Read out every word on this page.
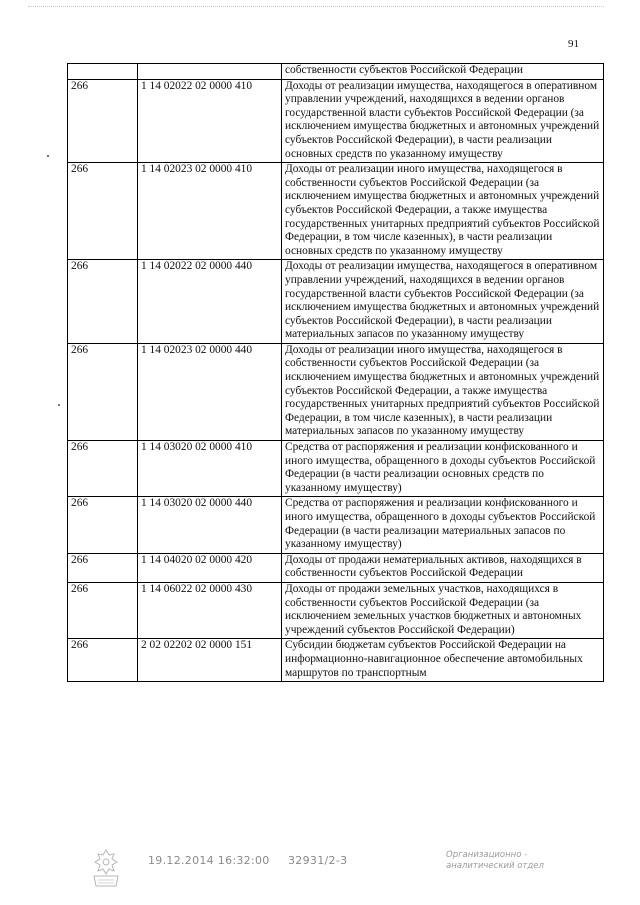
91
		собственности субъектов Российской Федерации
266	1 14 02022 02 0000 410	Доходы от реализации имущества, находящегося в оперативном управлении учреждений, находящихся в ведении органов государственной власти субъектов Российской Федерации (за исключением имущества бюджетных и автономных учреждений субъектов Российской Федерации), в части реализации основных средств по указанному имуществу
266	1 14 02023 02 0000 410	Доходы от реализации иного имущества, находящегося в собственности субъектов Российской Федерации (за исключением имущества бюджетных и автономных учреждений субъектов Российской Федерации, а также имущества государственных унитарных предприятий субъектов Российской Федерации, в том числе казенных), в части реализации основных средств по указанному имуществу
266	1 14 02022 02 0000 440	Доходы от реализации имущества, находящегося в оперативном управлении учреждений, находящихся в ведении органов государственной власти субъектов Российской Федерации (за исключением имущества бюджетных и автономных учреждений субъектов Российской Федерации), в части реализации материальных запасов по указанному имуществу
266	1 14 02023 02 0000 440	Доходы от реализации иного имущества, находящегося в собственности субъектов Российской Федерации (за исключением имущества бюджетных и автономных учреждений субъектов Российской Федерации, а также имущества государственных унитарных предприятий субъектов Российской Федерации, в том числе казенных), в части реализации материальных запасов по указанному имуществу
266	1 14 03020 02 0000 410	Средства от распоряжения и реализации конфискованного и иного имущества, обращенного в доходы субъектов Российской Федерации (в части реализации основных средств по указанному имуществу)
266	1 14 03020 02 0000 440	Средства от распоряжения и реализации конфискованного и иного имущества, обращенного в доходы субъектов Российской Федерации (в части реализации материальных запасов по указанному имуществу)
266	1 14 04020 02 0000 420	Доходы от продажи нематериальных активов, находящихся в собственности субъектов Российской Федерации
266	1 14 06022 02 0000 430	Доходы от продажи земельных участков, находящихся в собственности субъектов Российской Федерации (за исключением земельных участков бюджетных и автономных учреждений субъектов Российской Федерации)
266	2 02 02202 02 0000 151	Субсидии бюджетам субъектов Российской Федерации на информационно-навигационное обеспечение автомобильных маршрутов по транспортным
19.12.2014 16:32:00 32931/2-3	Организационно -
аналитический отдел
